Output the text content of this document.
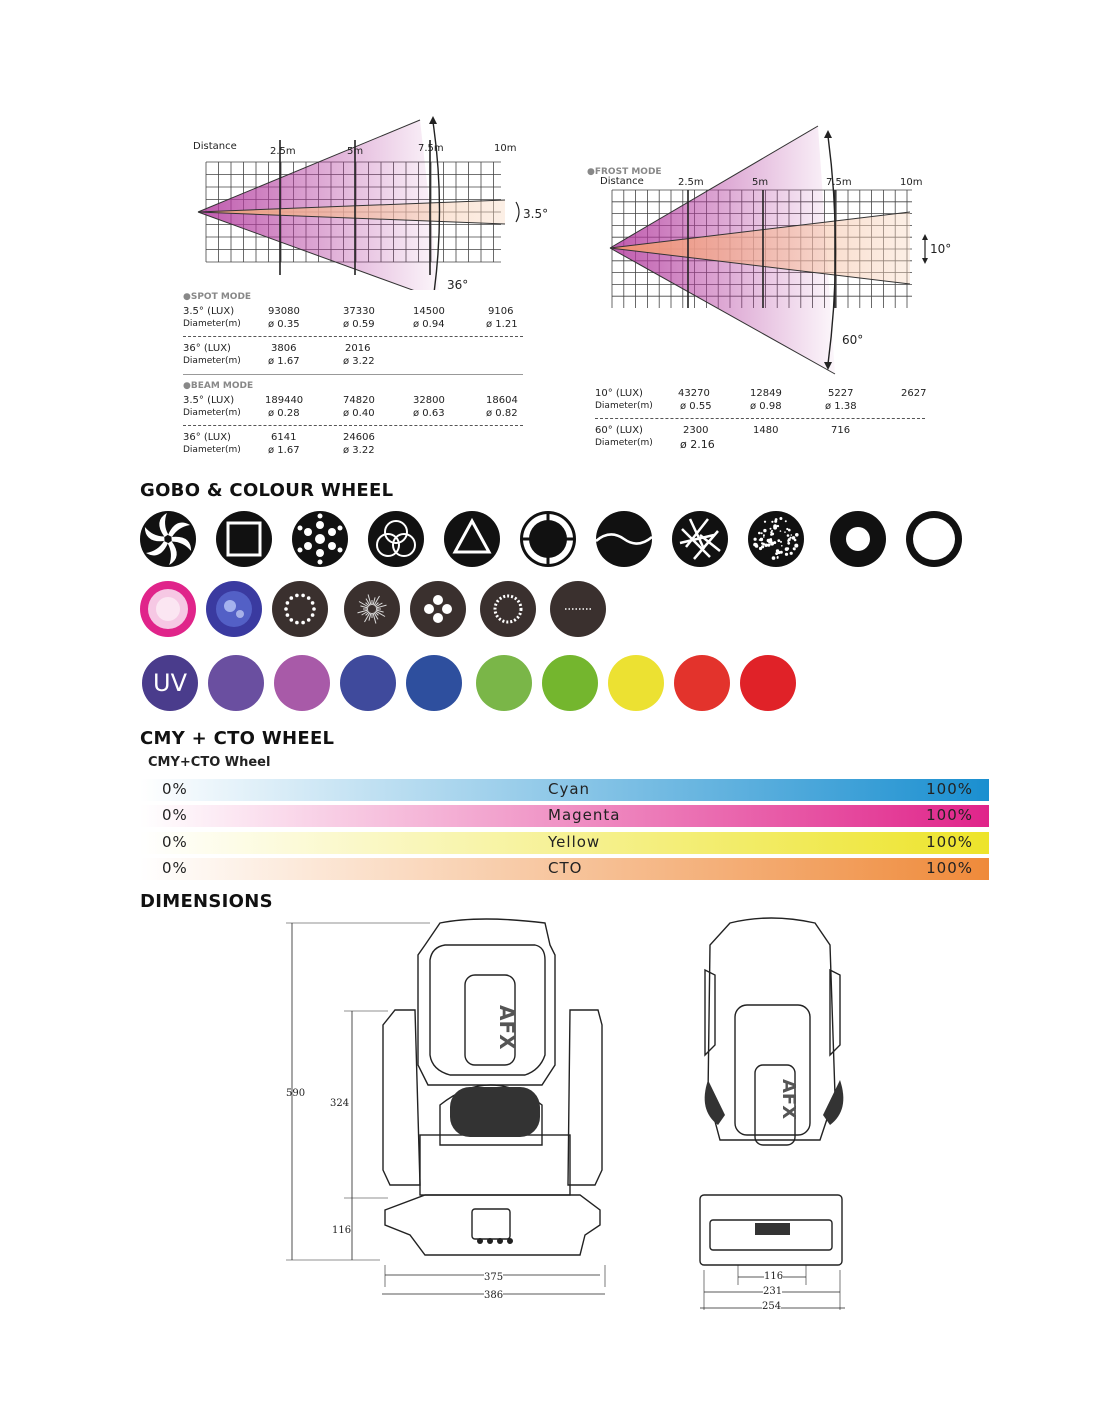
Distance	2.5m	5m	7.5m	10m
3.5°
36°
●SPOT MODE
3.5° (LUX)	93080	37330	14500	9106
Diameter(m)	ø 0.35	ø 0.59	ø 0.94	ø 1.21
36° (LUX)	3806	2016
Diameter(m)	ø 1.67	ø 3.22
●BEAM MODE
3.5° (LUX)	189440	74820	32800	18604
Diameter(m)	ø 0.28	ø 0.40	ø 0.63	ø 0.82
36° (LUX)	6141	24606
Diameter(m)	ø 1.67	ø 3.22
●FROST MODE
Distance	2.5m	5m	7.5m	10m
10°
60°
10° (LUX)	43270	12849	5227	2627
Diameter(m)	ø 0.55	ø 0.98	ø 1.38
60° (LUX)	2300	1480	716
Diameter(m) ø 2.16
GOBO & COLOUR WHEEL
UV
CMY + CTO WHEEL
CMY+CTO Wheel
0%	Cyan	100%
0%	Magenta	100%
0%	Yellow	100%
0%	CTO	100%
DIMENSIONS
AFX
590
324
116
375
386
AFX
116
231
254
